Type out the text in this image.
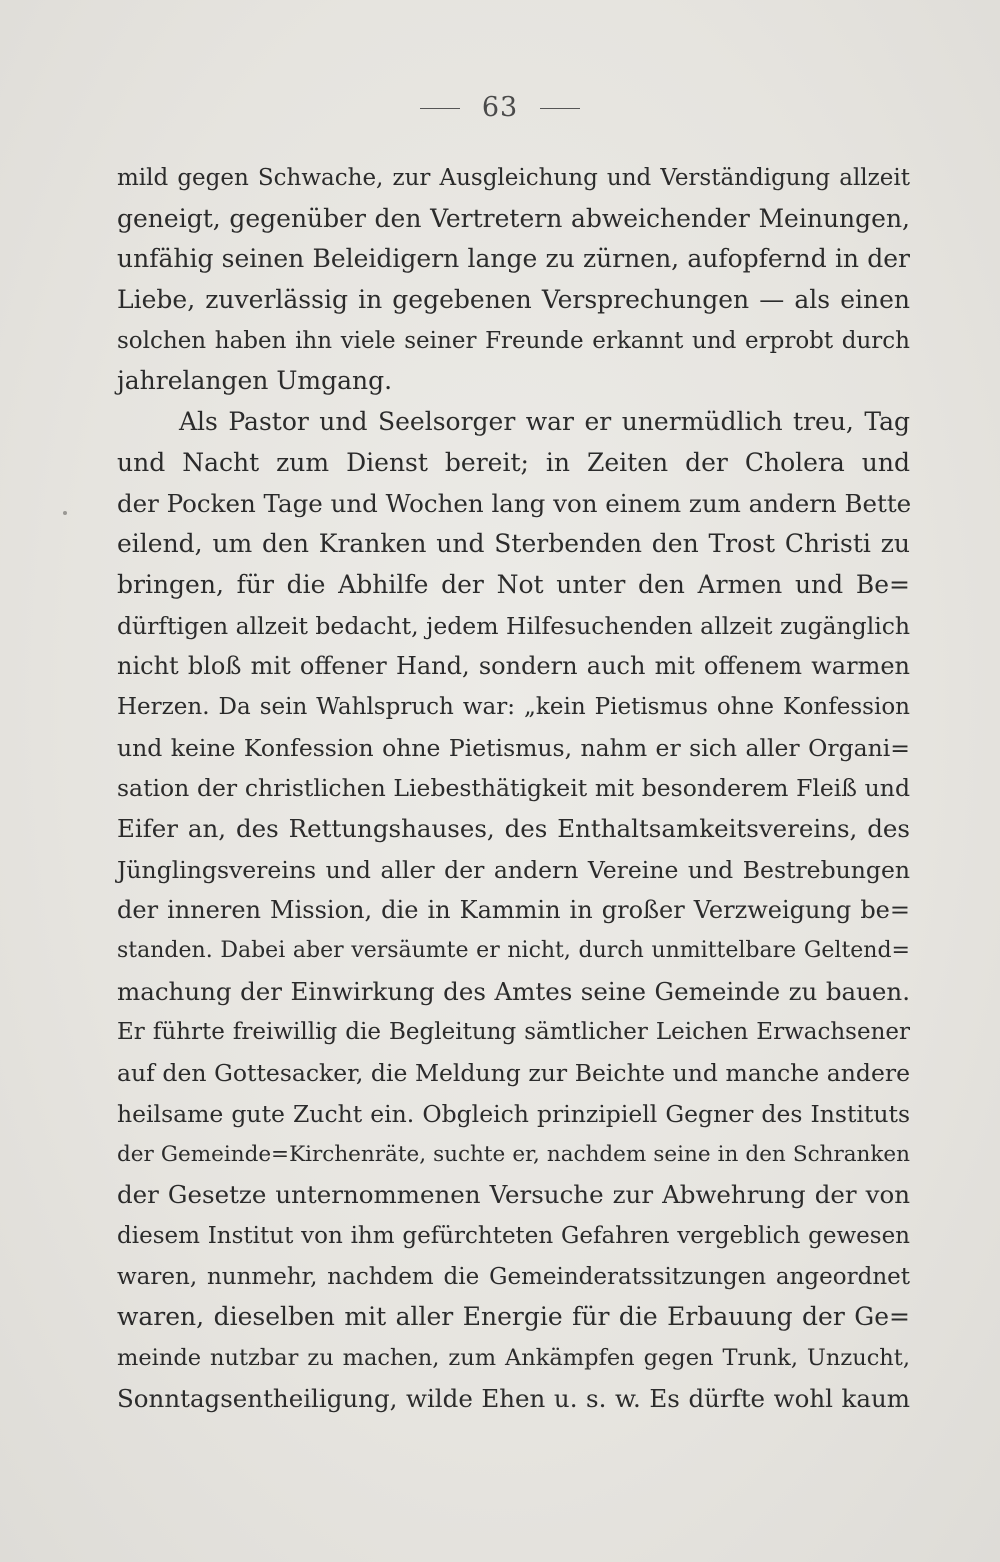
63
mild gegen Schwache, zur Ausgleichung und Verständigung allzeit
geneigt, gegenüber den Vertretern abweichender Meinungen,
unfähig seinen Beleidigern lange zu zürnen, aufopfernd in der
Liebe, zuverlässig in gegebenen Versprechungen — als einen
solchen haben ihn viele seiner Freunde erkannt und erprobt durch
jahrelangen Umgang.
Als Pastor und Seelsorger war er unermüdlich treu, Tag
und Nacht zum Dienst bereit; in Zeiten der Cholera und
der Pocken Tage und Wochen lang von einem zum andern Bette
eilend, um den Kranken und Sterbenden den Trost Christi zu
bringen, für die Abhilfe der Not unter den Armen und Be=
dürftigen allzeit bedacht, jedem Hilfesuchenden allzeit zugänglich
nicht bloß mit offener Hand, sondern auch mit offenem warmen
Herzen. Da sein Wahlspruch war: „kein Pietismus ohne Konfession
und keine Konfession ohne Pietismus, nahm er sich aller Organi=
sation der christlichen Liebesthätigkeit mit besonderem Fleiß und
Eifer an, des Rettungshauses, des Enthaltsamkeitsvereins, des
Jünglingsvereins und aller der andern Vereine und Bestrebungen
der inneren Mission, die in Kammin in großer Verzweigung be=
standen. Dabei aber versäumte er nicht, durch unmittelbare Geltend=
machung der Einwirkung des Amtes seine Gemeinde zu bauen.
Er führte freiwillig die Begleitung sämtlicher Leichen Erwachsener
auf den Gottesacker, die Meldung zur Beichte und manche andere
heilsame gute Zucht ein. Obgleich prinzipiell Gegner des Instituts
der Gemeinde=Kirchenräte, suchte er, nachdem seine in den Schranken
der Gesetze unternommenen Versuche zur Abwehrung der von
diesem Institut von ihm gefürchteten Gefahren vergeblich gewesen
waren, nunmehr, nachdem die Gemeinderatssitzungen angeordnet
waren, dieselben mit aller Energie für die Erbauung der Ge=
meinde nutzbar zu machen, zum Ankämpfen gegen Trunk, Unzucht,
Sonntagsentheiligung, wilde Ehen u. s. w. Es dürfte wohl kaum
